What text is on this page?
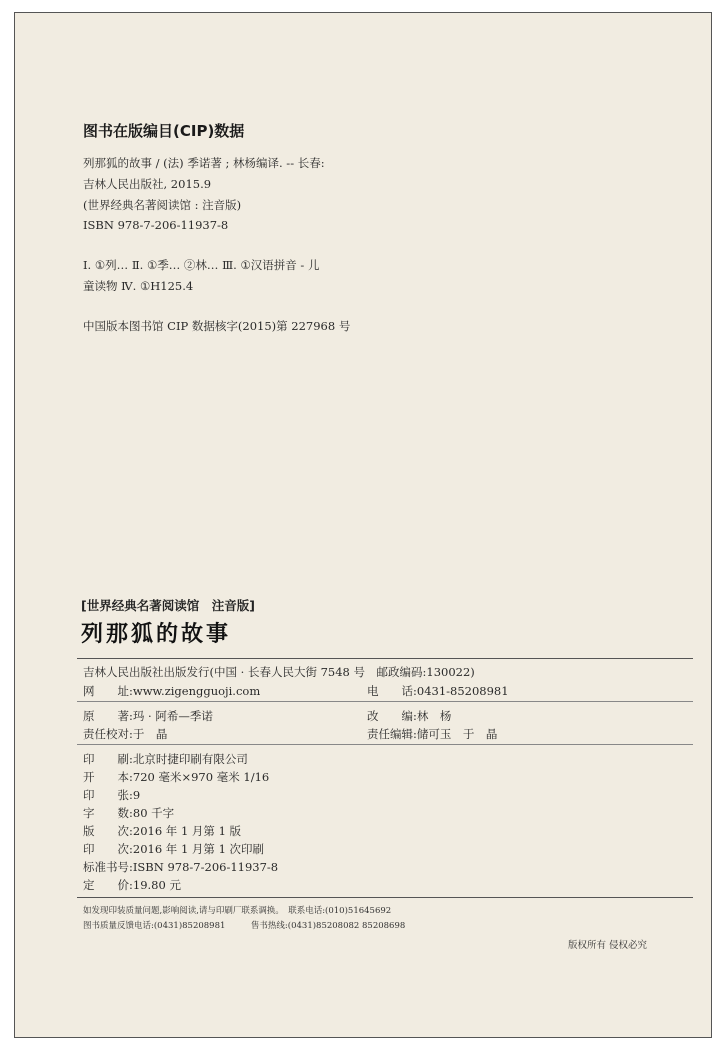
图书在版编目(CIP)数据
列那狐的故事 / (法) 季诺著 ; 林杨编译. -- 长春:
吉林人民出版社, 2015.9
(世界经典名著阅读馆 : 注音版)
ISBN 978-7-206-11937-8
Ⅰ. ①列… Ⅱ. ①季… ②林… Ⅲ. ①汉语拼音 - 儿
童读物 Ⅳ. ①H125.4
中国版本图书馆 CIP 数据核字(2015)第 227968 号
[世界经典名著阅读馆　注音版]
列那狐的故事
吉林人民出版社出版发行(中国 · 长春人民大街 7548 号　邮政编码:130022)
网　　址:www.zigengguoji.com	电　　话:0431-85208981
原　　著:玛 · 阿希—季诺	改　　编:林　杨
责任校对:于　晶	责任编辑:储可玉　于　晶
印　　刷:北京时捷印刷有限公司
开　　本:720 毫米×970 毫米 1/16
印　　张:9
字　　数:80 千字
版　　次:2016 年 1 月第 1 版
印　　次:2016 年 1 月第 1 次印刷
标准书号:ISBN 978-7-206-11937-8
定　　价:19.80 元
如发现印装质量问题,影响阅读,请与印刷厂联系调换。　 联系电话:(010)51645692
图书质量反馈电话:(0431)85208981　　　	售书热线:(0431)85208082 85208698
版权所有 侵权必究
